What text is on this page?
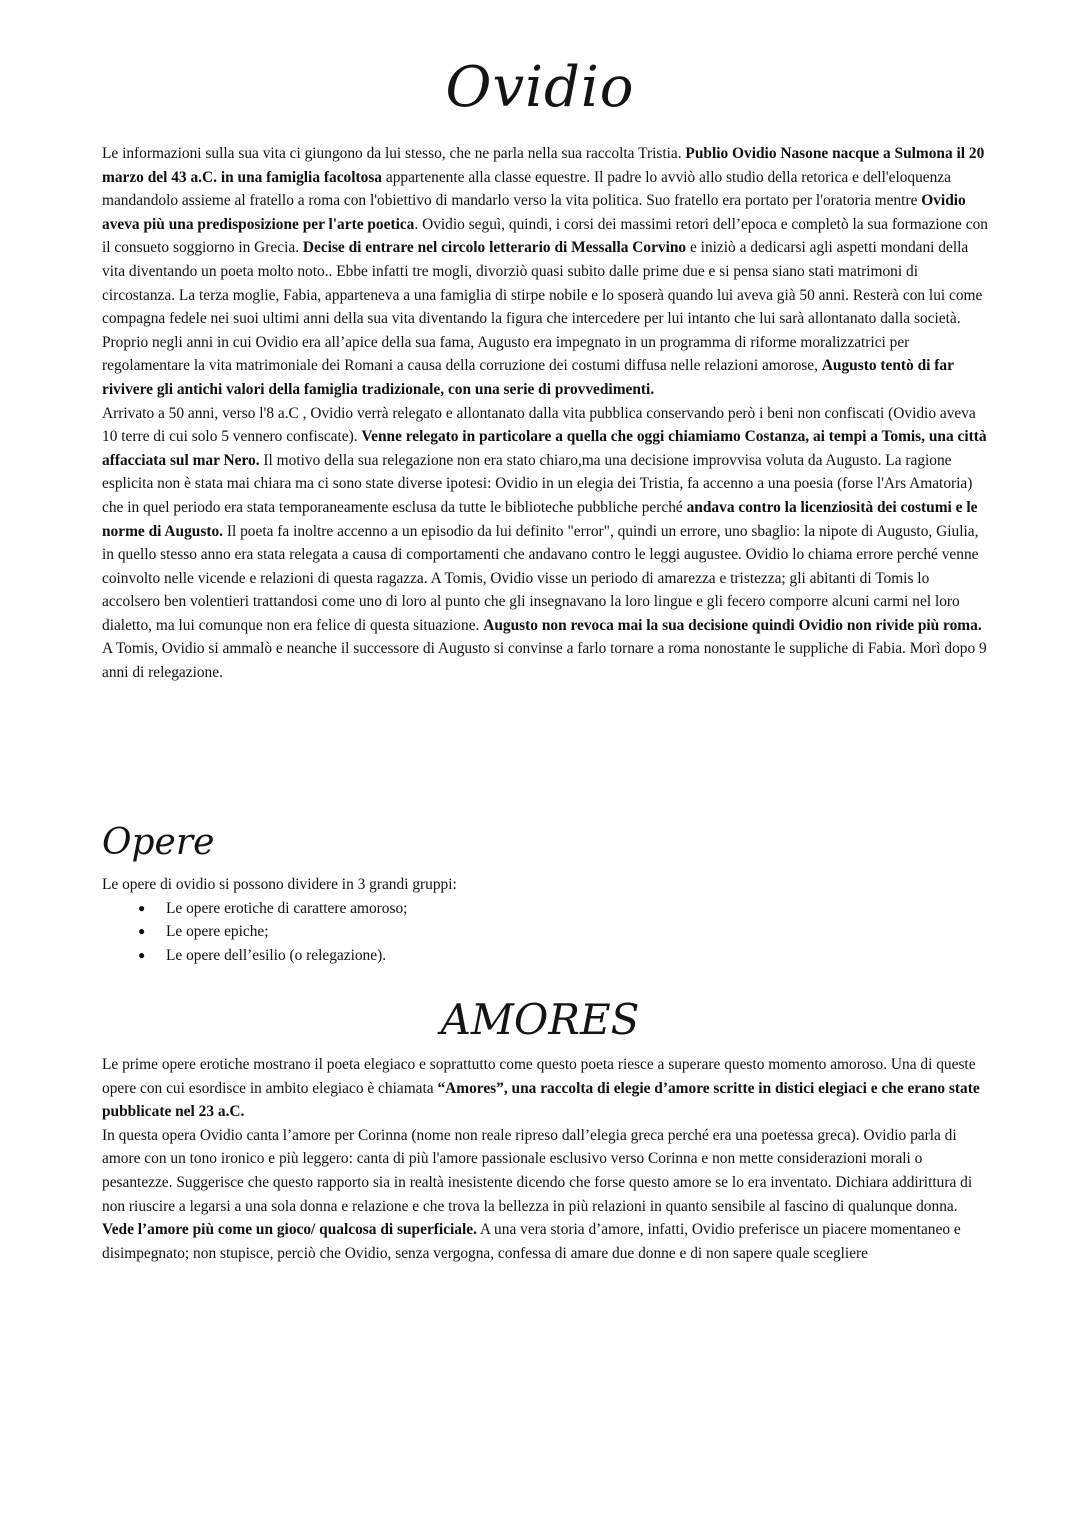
Ovidio

Le informazioni sulla sua vita ci giungono da lui stesso, che ne parla nella sua raccolta Tristia. Publio Ovidio Nasone nacque a Sulmona il 20 marzo del 43 a.C. in una famiglia facoltosa appartenente alla classe equestre. Il padre lo avviò allo studio della retorica e dell'eloquenza mandandolo assieme al fratello a roma con l'obiettivo di mandarlo verso la vita politica. Suo fratello era portato per l'oratoria mentre Ovidio aveva più una predisposizione per l'arte poetica. Ovidio seguì, quindi, i corsi dei massimi retori dell’epoca e completò la sua formazione con il consueto soggiorno in Grecia. Decise di entrare nel circolo letterario di Messalla Corvino e iniziò a dedicarsi agli aspetti mondani della vita diventando un poeta molto noto.. Ebbe infatti tre mogli, divorziò quasi subito dalle prime due e si pensa siano stati matrimoni di circostanza. La terza moglie, Fabia, apparteneva a una famiglia di stirpe nobile e lo sposerà quando lui aveva già 50 anni. Resterà con lui come compagna fedele nei suoi ultimi anni della sua vita diventando la figura che intercedere per lui intanto che lui sarà allontanato dalla società.

Proprio negli anni in cui Ovidio era all’apice della sua fama, Augusto era impegnato in un programma di riforme moralizzatrici per regolamentare la vita matrimoniale dei Romani a causa della corruzione dei costumi diffusa nelle relazioni amorose, Augusto tentò di far rivivere gli antichi valori della famiglia tradizionale, con una serie di provvedimenti.

Arrivato a 50 anni, verso l'8 a.C , Ovidio verrà relegato e allontanato dalla vita pubblica conservando però i beni non confiscati (Ovidio aveva 10 terre di cui solo 5 vennero confiscate). Venne relegato in particolare a quella che oggi chiamiamo Costanza, ai tempi a Tomis, una città affacciata sul mar Nero. Il motivo della sua relegazione non era stato chiaro,ma una decisione improvvisa voluta da Augusto. La ragione esplicita non è stata mai chiara ma ci sono state diverse ipotesi: Ovidio in un elegia dei Tristia, fa accenno a una poesia (forse l'Ars Amatoria) che in quel periodo era stata temporaneamente esclusa da tutte le biblioteche pubbliche perché andava contro la licenziosità dei costumi e le norme di Augusto. Il poeta fa inoltre accenno a un episodio da lui definito "error", quindi un errore, uno sbaglio: la nipote di Augusto, Giulia, in quello stesso anno era stata relegata a causa di comportamenti che andavano contro le leggi augustee. Ovidio lo chiama errore perché venne coinvolto nelle vicende e relazioni di questa ragazza. A Tomis, Ovidio visse un periodo di amarezza e tristezza; gli abitanti di Tomis lo accolsero ben volentieri trattandosi come uno di loro al punto che gli insegnavano la loro lingue e gli fecero comporre alcuni carmi nel loro dialetto, ma lui comunque non era felice di questa situazione. Augusto non revoca mai la sua decisione quindi Ovidio non rivide più roma. A Tomis, Ovidio si ammalò e neanche il successore di Augusto si convinse a farlo tornare a roma nonostante le suppliche di Fabia. Morì dopo 9 anni di relegazione.

Opere

Le opere di ovidio si possono dividere in 3 grandi gruppi:

● Le opere erotiche di carattere amoroso;
● Le opere epiche;
● Le opere dell’esilio (o relegazione).
AMORES

Le prime opere erotiche mostrano il poeta elegiaco e soprattutto come questo poeta riesce a superare questo momento amoroso. Una di queste opere con cui esordisce in ambito elegiaco è chiamata “Amores”, una raccolta di elegie d’amore scritte in distici elegiaci e che erano state pubblicate nel 23 a.C.

In questa opera Ovidio canta l’amore per Corinna (nome non reale ripreso dall’elegia greca perché era una poetessa greca). Ovidio parla di amore con un tono ironico e più leggero: canta di più l'amore passionale esclusivo verso Corinna e non mette considerazioni morali o pesantezze. Suggerisce che questo rapporto sia in realtà inesistente dicendo che forse questo amore se lo era inventato. Dichiara addirittura di non riuscire a legarsi a una sola donna e relazione e che trova la bellezza in più relazioni in quanto sensibile al fascino di qualunque donna. Vede l’amore più come un gioco/ qualcosa di superficiale. A una vera storia d’amore, infatti, Ovidio preferisce un piacere momentaneo e disimpegnato; non stupisce, perciò che Ovidio, senza vergogna, confessa di amare due donne e di non sapere quale scegliere
